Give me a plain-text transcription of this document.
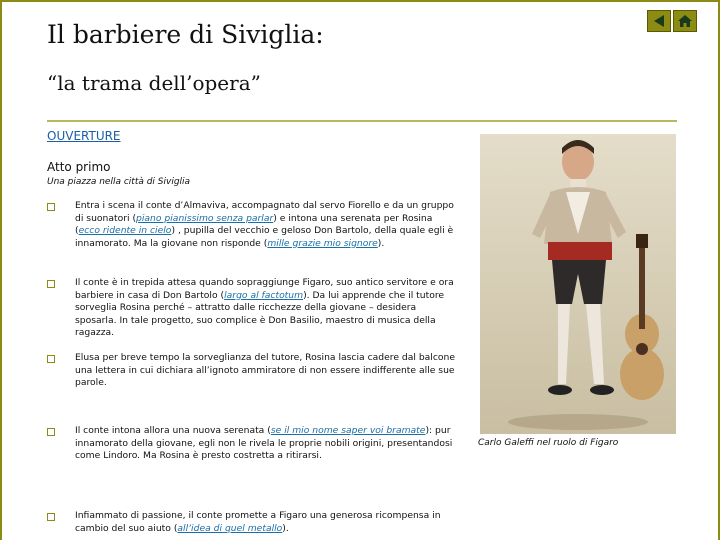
Il barbiere di Siviglia:
“la trama dell’opera”
OUVERTURE
Atto primo
Una piazza nella città di Siviglia
Entra i scena il conte d’Almaviva, accompagnato dal servo Fiorello e da un gruppo di suonatori (piano pianissimo senza parlar) e intona una serenata per Rosina (ecco ridente in cielo) , pupilla del vecchio e geloso Don Bartolo, della quale egli è innamorato. Ma la giovane non risponde (mille grazie mio signore).
Il conte è in trepida attesa quando sopraggiunge Figaro, suo antico servitore e ora barbiere in casa di Don Bartolo (largo al factotum). Da lui apprende che il tutore sorveglia Rosina perché – attratto dalle ricchezze della giovane – desidera sposarla. In tale progetto, suo complice è Don Basilio, maestro di musica della ragazza.
Elusa per breve tempo la sorveglianza del tutore, Rosina lascia cadere dal balcone una lettera in cui dichiara all’ignoto ammiratore di non essere indifferente alle sue parole.
Il conte intona allora una nuova serenata (se il mio nome saper voi bramate): pur innamorato della giovane, egli non le rivela le proprie nobili origini, presentandosi come Lindoro. Ma Rosina è presto costretta a ritirarsi.
Infiammato di passione, il conte promette a Figaro una generosa ricompensa in cambio del suo aiuto (all’idea di quel metallo).
Carlo Galeffi nel ruolo di Figaro
